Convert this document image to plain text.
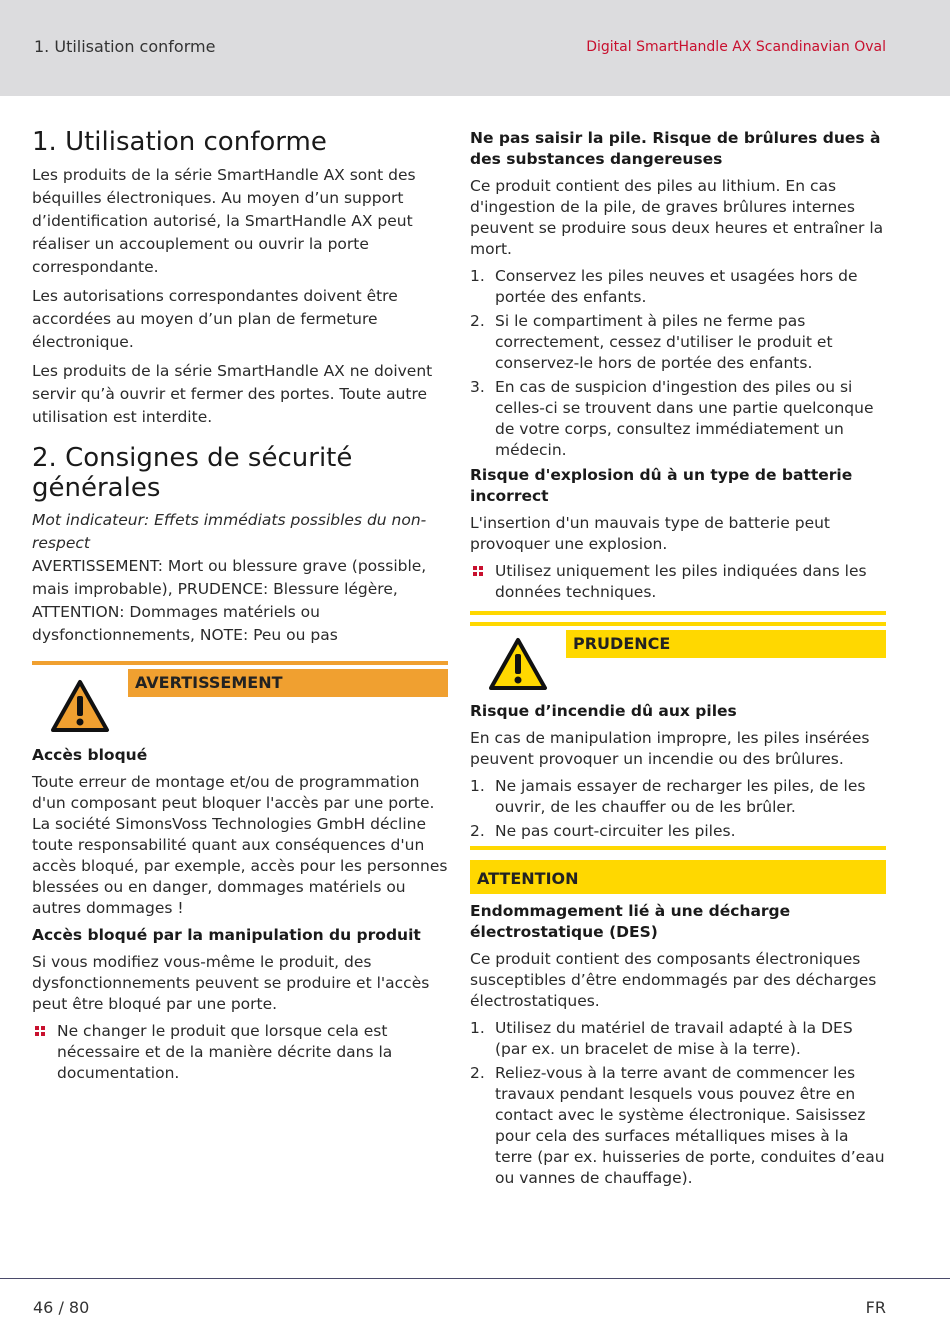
1. Utilisation conforme	Digital SmartHandle AX Scandinavian Oval
1. Utilisation conforme

Les produits de la série SmartHandle AX sont des béquilles électroniques. Au moyen d’un support d’identification autorisé, la SmartHandle AX peut réaliser un accouplement ou ouvrir la porte correspondante.

Les autorisations correspondantes doivent être accordées au moyen d’un plan de fermeture électronique.

Les produits de la série SmartHandle AX ne doivent servir qu’à ouvrir et fermer des portes. Toute autre utilisation est interdite.

2. Consignes de sécurité générales

Mot indicateur: Effets immédiats possibles du non-respect

AVERTISSEMENT: Mort ou blessure grave (possible, mais improbable), PRUDENCE: Blessure légère, ATTENTION: Dommages matériels ou dysfonctionnements, NOTE: Peu ou pas

AVERTISSEMENT
Accès bloqué

Toute erreur de montage et/ou de programmation d'un composant peut bloquer l'accès par une porte. La société SimonsVoss Technologies GmbH décline toute responsabilité quant aux conséquences d'un accès bloqué, par exemple, accès pour les personnes blessées ou en danger, dommages matériels ou autres dommages !

Accès bloqué par la manipulation du produit

Si vous modifiez vous-même le produit, des dysfonctionnements peuvent se produire et l'accès peut être bloqué par une porte.

Ne changer le produit que lorsque cela est nécessaire et de la manière décrite dans la documentation.
Ne pas saisir la pile. Risque de brûlures dues à des substances dangereuses

Ce produit contient des piles au lithium. En cas d'ingestion de la pile, de graves brûlures internes peuvent se produire sous deux heures et entraîner la mort.

1. Conservez les piles neuves et usagées hors de portée des enfants.
2. Si le compartiment à piles ne ferme pas correctement, cessez d'utiliser le produit et conservez-le hors de portée des enfants.
3. En cas de suspicion d'ingestion des piles ou si celles-ci se trouvent dans une partie quelconque de votre corps, consultez immédiatement un médecin.
Risque d'explosion dû à un type de batterie incorrect

L'insertion d'un mauvais type de batterie peut provoquer une explosion.

Utilisez uniquement les piles indiquées dans les données techniques.
PRUDENCE
Risque d’incendie dû aux piles

En cas de manipulation impropre, les piles insérées peuvent provoquer un incendie ou des brûlures.

1. Ne jamais essayer de recharger les piles, de les ouvrir, de les chauffer ou de les brûler.
2. Ne pas court-circuiter les piles.
ATTENTION
Endommagement lié à une décharge électrostatique (DES)

Ce produit contient des composants électroniques susceptibles d’être endommagés par des décharges électrostatiques.

1. Utilisez du matériel de travail adapté à la DES (par ex. un bracelet de mise à la terre).
2. Reliez-vous à la terre avant de commencer les travaux pendant lesquels vous pouvez être en contact avec le système électronique. Saisissez pour cela des surfaces métalliques mises à la terre (par ex. huisseries de porte, conduites d’eau ou vannes de chauffage).
46 / 80	FR
